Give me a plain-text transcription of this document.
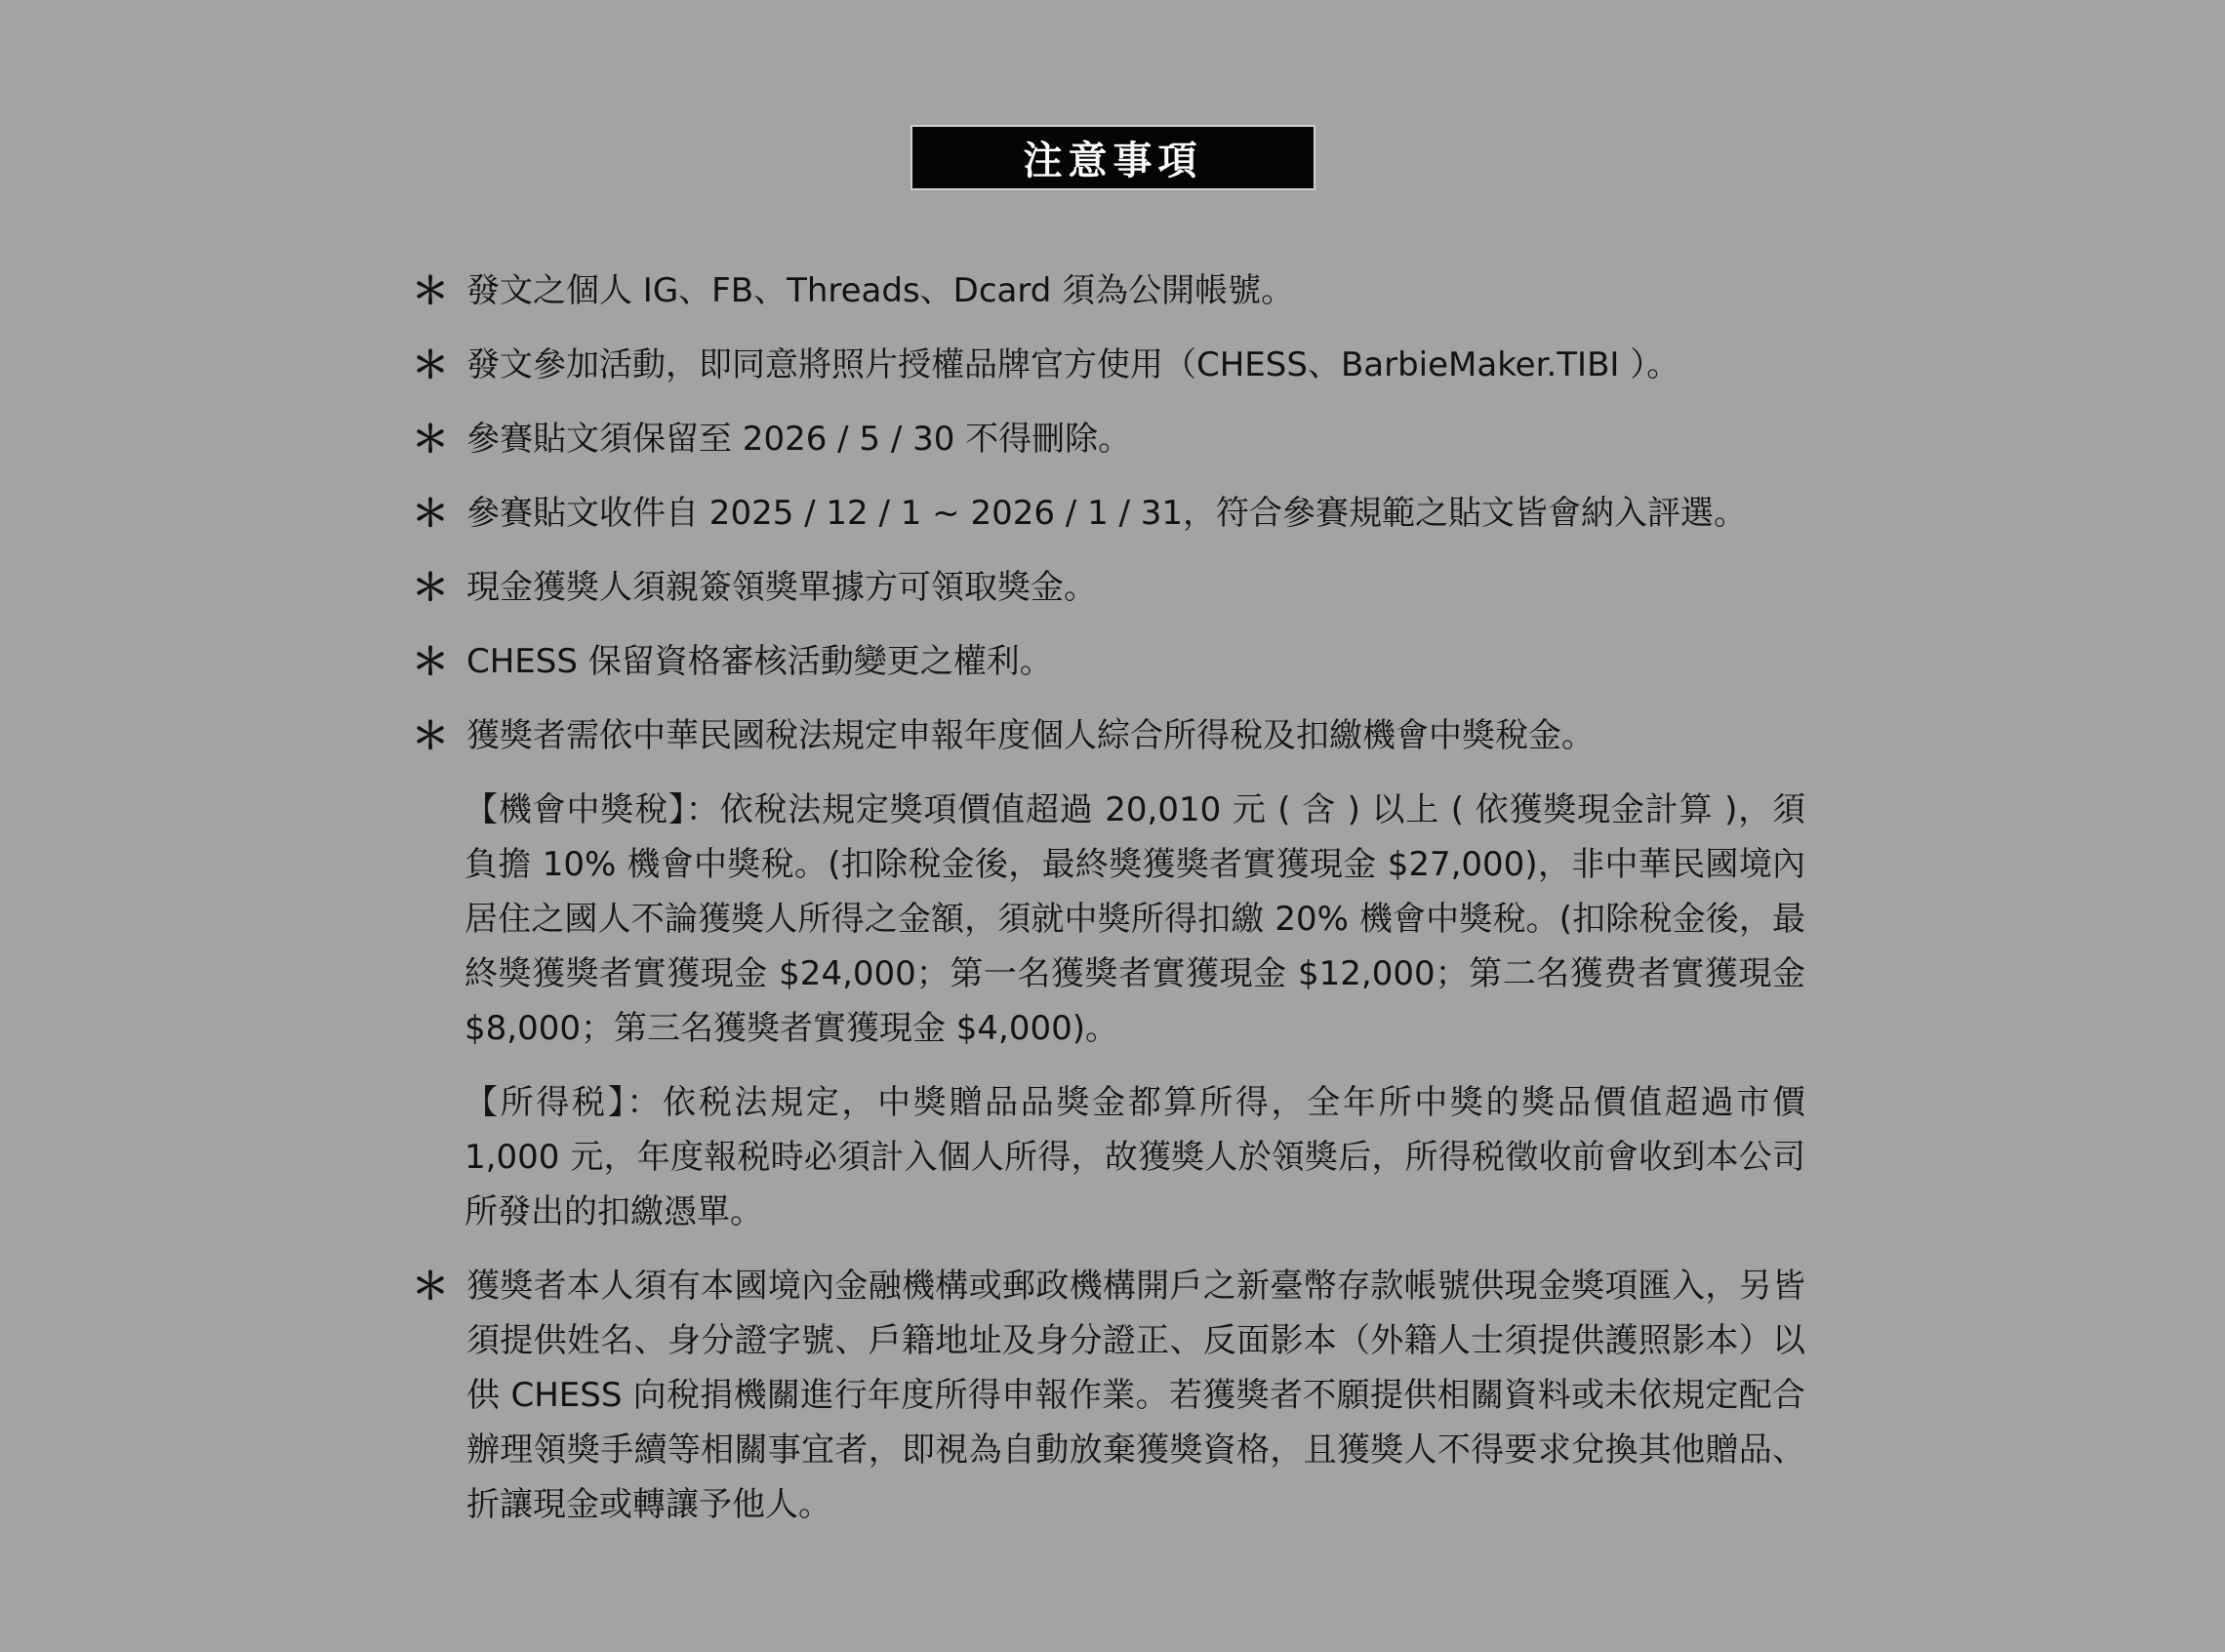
注意事項
＊ 發文之個人 IG、FB、Threads、Dcard 須為公開帳號。
＊ 發文參加活動，即同意將照片授權品牌官方使用（CHESS、BarbieMaker.TIBI ）。
＊ 參賽貼文須保留至 2026 / 5 / 30 不得刪除。
＊ 參賽貼文收件自 2025 / 12 / 1 ~ 2026 / 1 / 31，符合參賽規範之貼文皆會納入評選。
＊ 現金獲獎人須親簽領獎單據方可領取獎金。
＊ CHESS 保留資格審核活動變更之權利。
＊ 獲獎者需依中華民國稅法規定申報年度個人綜合所得稅及扣繳機會中獎稅金。
【機會中獎稅】：依稅法規定獎項價值超過 20,010 元 ( 含 ) 以上 ( 依獲獎現金計算 )，須負擔 10% 機會中獎稅。(扣除稅金後，最終獎獲獎者實獲現金 $27,000)，非中華民國境內居住之國人不論獲獎人所得之金額，須就中獎所得扣繳 20% 機會中獎稅。(扣除稅金後，最終獎獲獎者實獲現金 $24,000；第一名獲獎者實獲現金 $12,000；第二名獲费者實獲現金 $8,000；第三名獲獎者實獲現金 $4,000)。
【所得税】：依税法規定，中獎贈品品獎金都算所得，全年所中獎的獎品價值超過市價 1,000 元，年度報税時必須計入個人所得，故獲獎人於領獎后，所得税徵收前會收到本公司所發出的扣繳憑單。
＊ 獲獎者本人須有本國境內金融機構或郵政機構開戶之新臺幣存款帳號供現金獎項匯入，另皆須提供姓名、身分證字號、戶籍地址及身分證正、反面影本（外籍人士須提供護照影本）以供 CHESS 向稅捐機關進行年度所得申報作業。若獲獎者不願提供相關資料或未依規定配合辦理領獎手續等相關事宜者，即視為自動放棄獲獎資格，且獲獎人不得要求兌換其他贈品、折讓現金或轉讓予他人。
